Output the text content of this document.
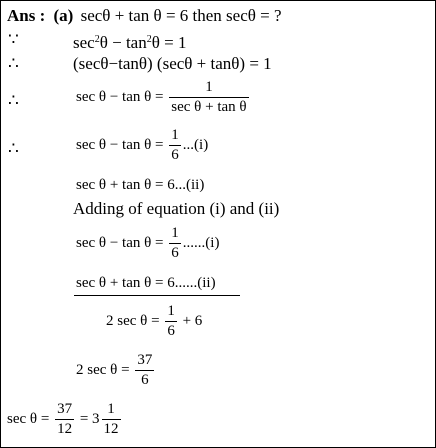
Ans : (a) secθ + tan θ = 6 then secθ = ?
∵	$\sec^2\theta - \tan^2\theta = 1$
∴	(secθ−tanθ) (secθ + tanθ) = 1
∴	$\sec \theta - \tan \theta = \frac{1}{\text{sec θ + tan θ}}$
∴	$\sec \theta - \tan \theta = \frac{1}{6} ...(i)$
sec θ + tan θ = 6...(ii)
Adding of equation (i) and (ii)
$\sec \theta - \tan \theta = \frac{1}{6} ......(i)$
sec θ + tan θ = 6......(ii)
2 $\sec \theta = \frac{1}{6} + 6$
2 $\sec \theta = \frac{37}{6}$
$\sec \theta = \frac{37}{12} = 3 \frac{1}{12}$
